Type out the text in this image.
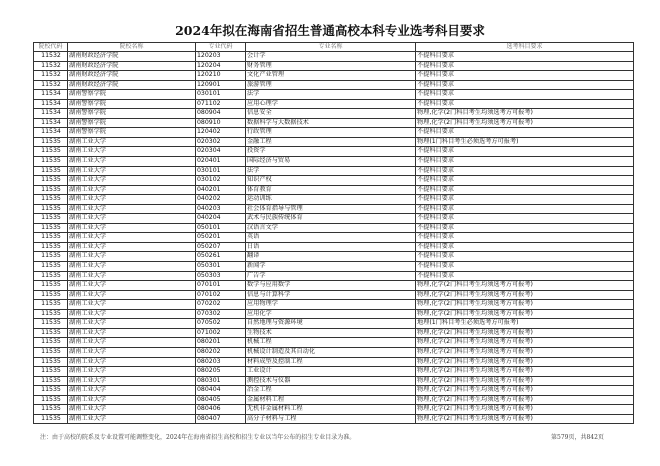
2024年拟在海南省招生普通高校本科专业选考科目要求
院校代码	院校名称	专业代码	专业名称	选考科目要求
11532	湖南财政经济学院	120203	会计学	不提科目要求
11532	湖南财政经济学院	120204	财务管理	不提科目要求
11532	湖南财政经济学院	120210	文化产业管理	不提科目要求
11532	湖南财政经济学院	120901	旅游管理	不提科目要求
11534	湖南警察学院	030101	法学	不提科目要求
11534	湖南警察学院	071102	应用心理学	不提科目要求
11534	湖南警察学院	080904	信息安全	物理,化学(2门科目考生均须选考方可报考)
11534	湖南警察学院	080910	数据科学与大数据技术	物理,化学(2门科目考生均须选考方可报考)
11534	湖南警察学院	120402	行政管理	不提科目要求
11535	湖南工业大学	020302	金融工程	物理(1门科目考生必须选考方可报考)
11535	湖南工业大学	020304	投资学	不提科目要求
11535	湖南工业大学	020401	国际经济与贸易	不提科目要求
11535	湖南工业大学	030101	法学	不提科目要求
11535	湖南工业大学	030102	知识产权	不提科目要求
11535	湖南工业大学	040201	体育教育	不提科目要求
11535	湖南工业大学	040202	运动训练	不提科目要求
11535	湖南工业大学	040203	社会体育指导与管理	不提科目要求
11535	湖南工业大学	040204	武术与民族传统体育	不提科目要求
11535	湖南工业大学	050101	汉语言文学	不提科目要求
11535	湖南工业大学	050201	英语	不提科目要求
11535	湖南工业大学	050207	日语	不提科目要求
11535	湖南工业大学	050261	翻译	不提科目要求
11535	湖南工业大学	050301	新闻学	不提科目要求
11535	湖南工业大学	050303	广告学	不提科目要求
11535	湖南工业大学	070101	数学与应用数学	物理,化学(2门科目考生均须选考方可报考)
11535	湖南工业大学	070102	信息与计算科学	物理,化学(2门科目考生均须选考方可报考)
11535	湖南工业大学	070202	应用物理学	物理,化学(2门科目考生均须选考方可报考)
11535	湖南工业大学	070302	应用化学	物理,化学(2门科目考生均须选考方可报考)
11535	湖南工业大学	070502	自然地理与资源环境	地理(1门科目考生必须选考方可报考)
11535	湖南工业大学	071002	生物技术	物理,化学(2门科目考生均须选考方可报考)
11535	湖南工业大学	080201	机械工程	物理,化学(2门科目考生均须选考方可报考)
11535	湖南工业大学	080202	机械设计制造及其自动化	物理,化学(2门科目考生均须选考方可报考)
11535	湖南工业大学	080203	材料成型及控制工程	物理,化学(2门科目考生均须选考方可报考)
11535	湖南工业大学	080205	工业设计	物理,化学(2门科目考生均须选考方可报考)
11535	湖南工业大学	080301	测控技术与仪器	物理,化学(2门科目考生均须选考方可报考)
11535	湖南工业大学	080404	冶金工程	物理,化学(2门科目考生均须选考方可报考)
11535	湖南工业大学	080405	金属材料工程	物理,化学(2门科目考生均须选考方可报考)
11535	湖南工业大学	080406	无机非金属材料工程	物理,化学(2门科目考生均须选考方可报考)
11535	湖南工业大学	080407	高分子材料与工程	物理,化学(2门科目考生均须选考方可报考)
注：由于高校的院系及专业设置可能调整变化，2024年在海南省招生高校和招生专业以当年公布的招生专业目录为准。	第579页，共842页
